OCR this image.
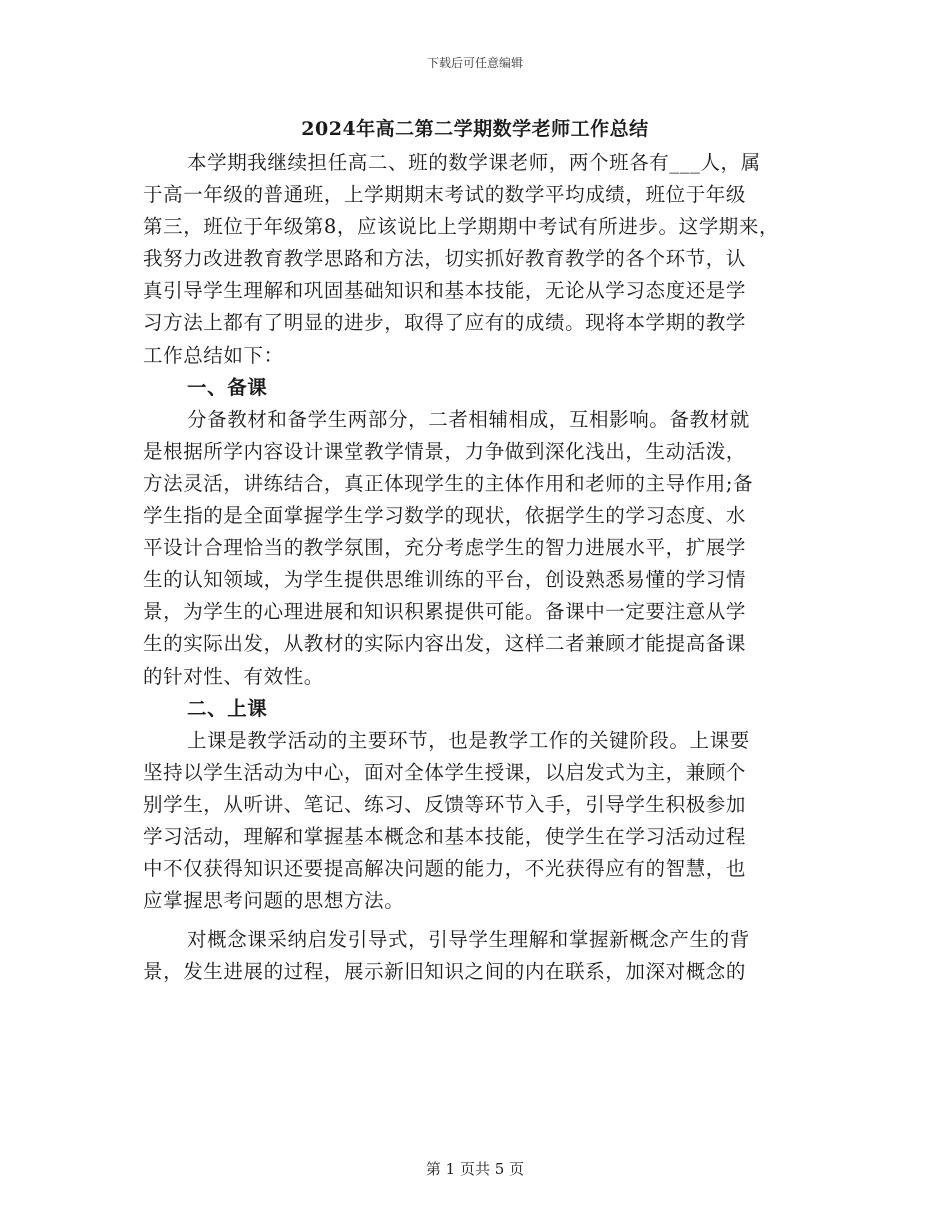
下载后可任意编辑
2024年高二第二学期数学老师工作总结
本学期我继续担任高二、班的数学课老师，两个班各有___人，属
于高一年级的普通班，上学期期末考试的数学平均成绩，班位于年级
第三，班位于年级第8，应该说比上学期期中考试有所进步。这学期来，
我努力改进教育教学思路和方法，切实抓好教育教学的各个环节，认
真引导学生理解和巩固基础知识和基本技能，无论从学习态度还是学
习方法上都有了明显的进步，取得了应有的成绩。现将本学期的教学
工作总结如下：
一、备课
分备教材和备学生两部分，二者相辅相成，互相影响。备教材就
是根据所学内容设计课堂教学情景，力争做到深化浅出，生动活泼，
方法灵活，讲练结合，真正体现学生的主体作用和老师的主导作用;备
学生指的是全面掌握学生学习数学的现状，依据学生的学习态度、水
平设计合理恰当的教学氛围，充分考虑学生的智力进展水平，扩展学
生的认知领域，为学生提供思维训练的平台，创设熟悉易懂的学习情
景，为学生的心理进展和知识积累提供可能。备课中一定要注意从学
生的实际出发，从教材的实际内容出发，这样二者兼顾才能提高备课
的针对性、有效性。
二、上课
上课是教学活动的主要环节，也是教学工作的关键阶段。上课要
坚持以学生活动为中心，面对全体学生授课，以启发式为主，兼顾个
别学生，从听讲、笔记、练习、反馈等环节入手，引导学生积极参加
学习活动，理解和掌握基本概念和基本技能，使学生在学习活动过程
中不仅获得知识还要提高解决问题的能力，不光获得应有的智慧，也
应掌握思考问题的思想方法。
对概念课采纳启发引导式，引导学生理解和掌握新概念产生的背
景，发生进展的过程，展示新旧知识之间的内在联系，加深对概念的
第 1 页共 5 页
